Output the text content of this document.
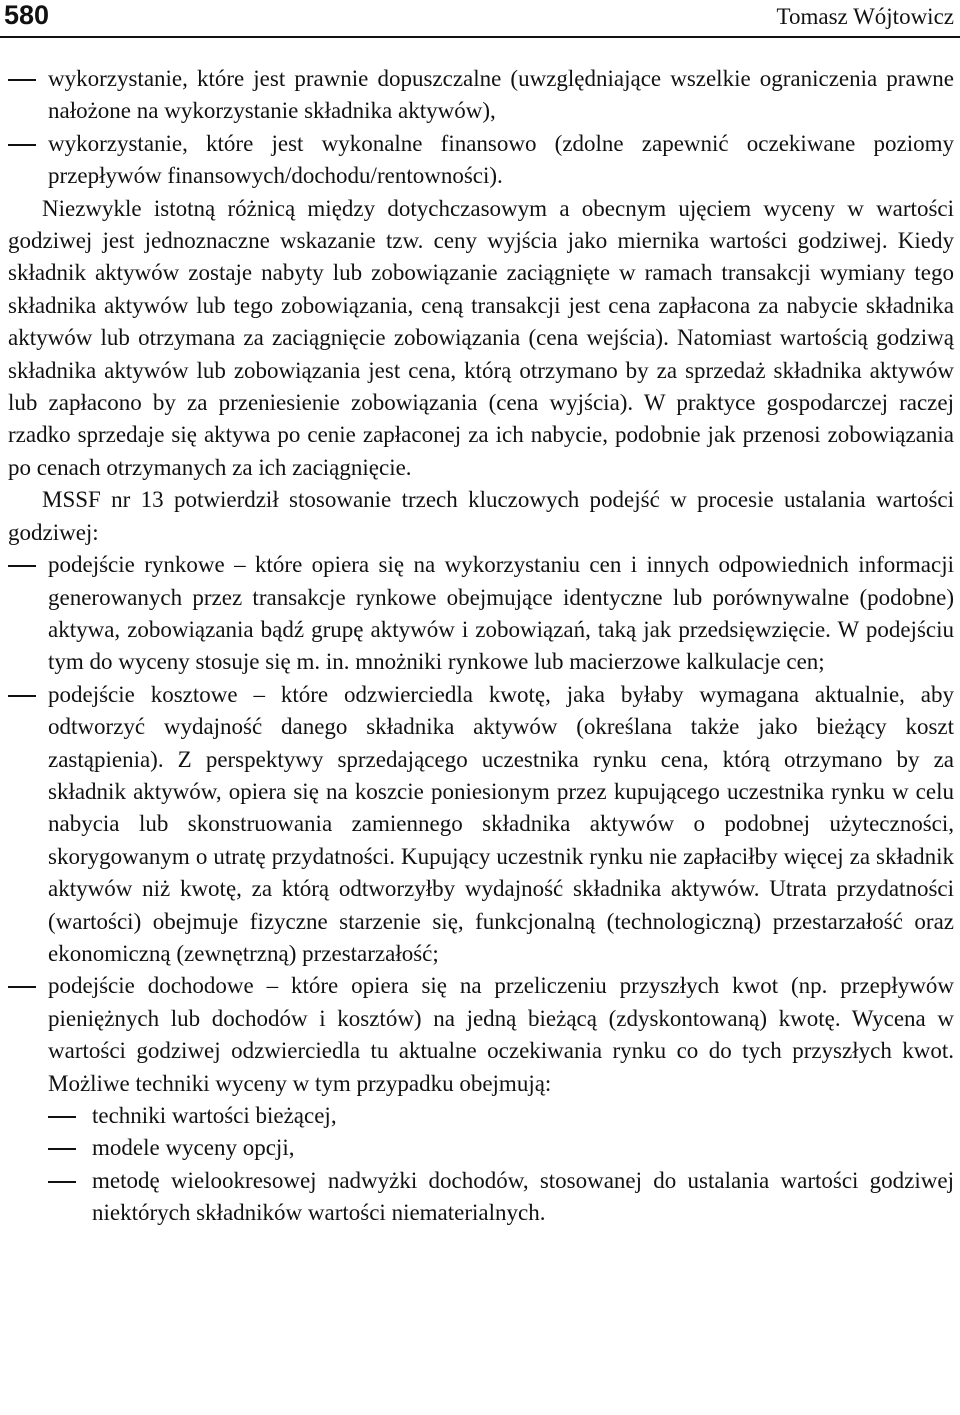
580	Tomasz Wójtowicz

wykorzystanie, które jest prawnie dopuszczalne (uwzględniające wszelkie ograniczenia prawne nałożone na wykorzystanie składnika aktywów),

wykorzystanie, które jest wykonalne finansowo (zdolne zapewnić oczekiwane poziomy przepływów finansowych/dochodu/rentowności).

Niezwykle istotną różnicą między dotychczasowym a obecnym ujęciem wyceny w wartości godziwej jest jednoznaczne wskazanie tzw. ceny wyjścia jako miernika wartości godziwej. Kiedy składnik aktywów zostaje nabyty lub zobowiązanie zaciągnięte w ramach transakcji wymiany tego składnika aktywów lub tego zobowiązania, ceną transakcji jest cena zapłacona za nabycie składnika aktywów lub otrzymana za zaciągnięcie zobowiązania (cena wejścia). Natomiast wartością godziwą składnika aktywów lub zobowiązania jest cena, którą otrzymano by za sprzedaż składnika aktywów lub zapłacono by za przeniesienie zobowiązania (cena wyjścia). W praktyce gospodarczej raczej rzadko sprzedaje się aktywa po cenie zapłaconej za ich nabycie, podobnie jak przenosi zobowiązania po cenach otrzymanych za ich zaciągnięcie.

MSSF nr 13 potwierdził stosowanie trzech kluczowych podejść w procesie ustalania wartości godziwej:

podejście rynkowe – które opiera się na wykorzystaniu cen i innych odpowiednich informacji generowanych przez transakcje rynkowe obejmujące identyczne lub porównywalne (podobne) aktywa, zobowiązania bądź grupę aktywów i zobowiązań, taką jak przedsięwzięcie. W podejściu tym do wyceny stosuje się m. in. mnożniki rynkowe lub macierzowe kalkulacje cen;

podejście kosztowe – które odzwierciedla kwotę, jaka byłaby wymagana aktualnie, aby odtworzyć wydajność danego składnika aktywów (określana także jako bieżący koszt zastąpienia). Z perspektywy sprzedającego uczestnika rynku cena, którą otrzymano by za składnik aktywów, opiera się na koszcie poniesionym przez kupującego uczestnika rynku w celu nabycia lub skonstruowania zamiennego składnika aktywów o podobnej użyteczności, skorygowanym o utratę przydatności. Kupujący uczestnik rynku nie zapłaciłby więcej za składnik aktywów niż kwotę, za którą odtworzyłby wydajność składnika aktywów. Utrata przydatności (wartości) obejmuje fizyczne starzenie się, funkcjonalną (technologiczną) przestarzałość oraz ekonomiczną (zewnętrzną) przestarzałość;

podejście dochodowe – które opiera się na przeliczeniu przyszłych kwot (np. przepływów pieniężnych lub dochodów i kosztów) na jedną bieżącą (zdyskontowaną) kwotę. Wycena w wartości godziwej odzwierciedla tu aktualne oczekiwania rynku co do tych przyszłych kwot. Możliwe techniki wyceny w tym przypadku obejmują:

techniki wartości bieżącej,

modele wyceny opcji,

metodę wielookresowej nadwyżki dochodów, stosowanej do ustalania wartości godziwej niektórych składników wartości niematerialnych.
